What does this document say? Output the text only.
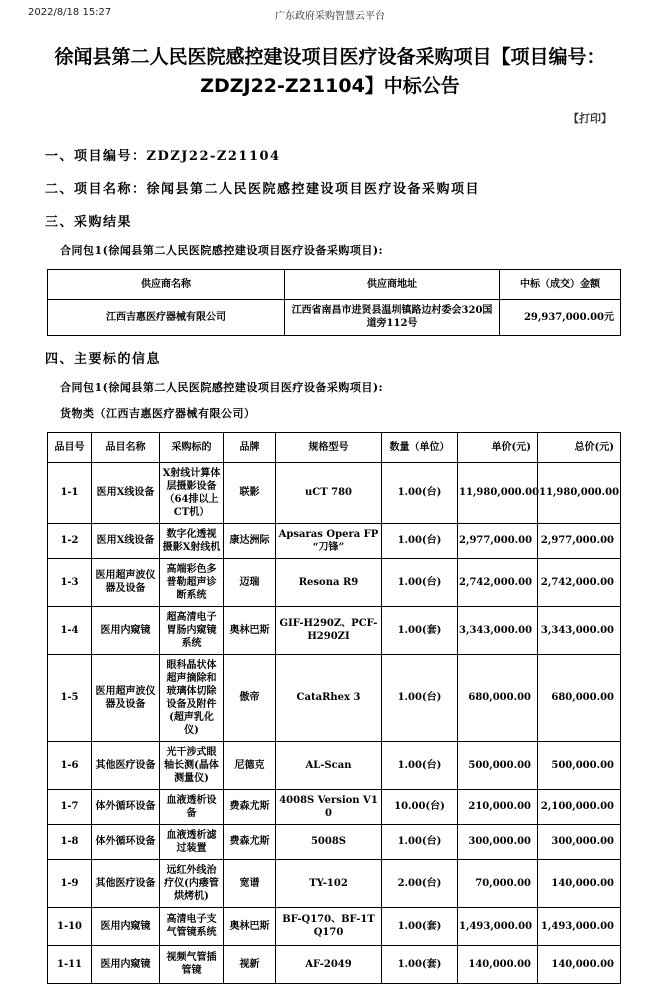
2022/8/18 15:27	广东政府采购智慧云平台
徐闻县第二人民医院感控建设项目医疗设备采购项目【项目编号：ZDZJ22-Z21104】中标公告
【打印】
一、项目编号：ZDZJ22-Z21104
二、项目名称：徐闻县第二人民医院感控建设项目医疗设备采购项目
三、采购结果
合同包1(徐闻县第二人民医院感控建设项目医疗设备采购项目):
供应商名称	供应商地址	中标（成交）金额
江西吉惠医疗器械有限公司	江西省南昌市进贤县温圳镇路边村委会320国道旁112号	29,937,000.00元
四、主要标的信息
合同包1(徐闻县第二人民医院感控建设项目医疗设备采购项目):
货物类（江西吉惠医疗器械有限公司）
品目号	品目名称	采购标的	品牌	规格型号	数量（单位）	单价(元)	总价(元)
1-1	医用X线设备	X射线计算体层摄影设备（64排以上CT机）	联影	uCT 780	1.00(台)	11,980,000.00	11,980,000.00
1-2	医用X线设备	数字化透视摄影X射线机	康达洲际	Apsaras Opera FP “刀锋”	1.00(台)	2,977,000.00	2,977,000.00
1-3	医用超声波仪器及设备	高端彩色多普勒超声诊断系统	迈瑞	Resona R9	1.00(台)	2,742,000.00	2,742,000.00
1-4	医用内窥镜	超高清电子胃肠内窥镜系统	奥林巴斯	GIF-H290Z、PCF-H290ZI	1.00(套)	3,343,000.00	3,343,000.00
1-5	医用超声波仪器及设备	眼科晶状体超声摘除和玻璃体切除设备及附件(超声乳化仪)	傲帝	CataRhex 3	1.00(台)	680,000.00	680,000.00
1-6	其他医疗设备	光干涉式眼轴长测(晶体测量仪)	尼德克	AL-Scan	1.00(台)	500,000.00	500,000.00
1-7	体外循环设备	血液透析设备	费森尤斯	4008S Version V10	10.00(台)	210,000.00	2,100,000.00
1-8	体外循环设备	血液透析滤过装置	费森尤斯	5008S	1.00(台)	300,000.00	300,000.00
1-9	其他医疗设备	远红外线治疗仪(内瘘管烘烤机)	宽谱	TY-102	2.00(台)	70,000.00	140,000.00
1-10	医用内窥镜	高清电子支气管镜系统	奥林巴斯	BF-Q170、BF-1TQ170	1.00(套)	1,493,000.00	1,493,000.00
1-11	医用内窥镜	视频气管插管镜	视新	AF-2049	1.00(套)	140,000.00	140,000.00
